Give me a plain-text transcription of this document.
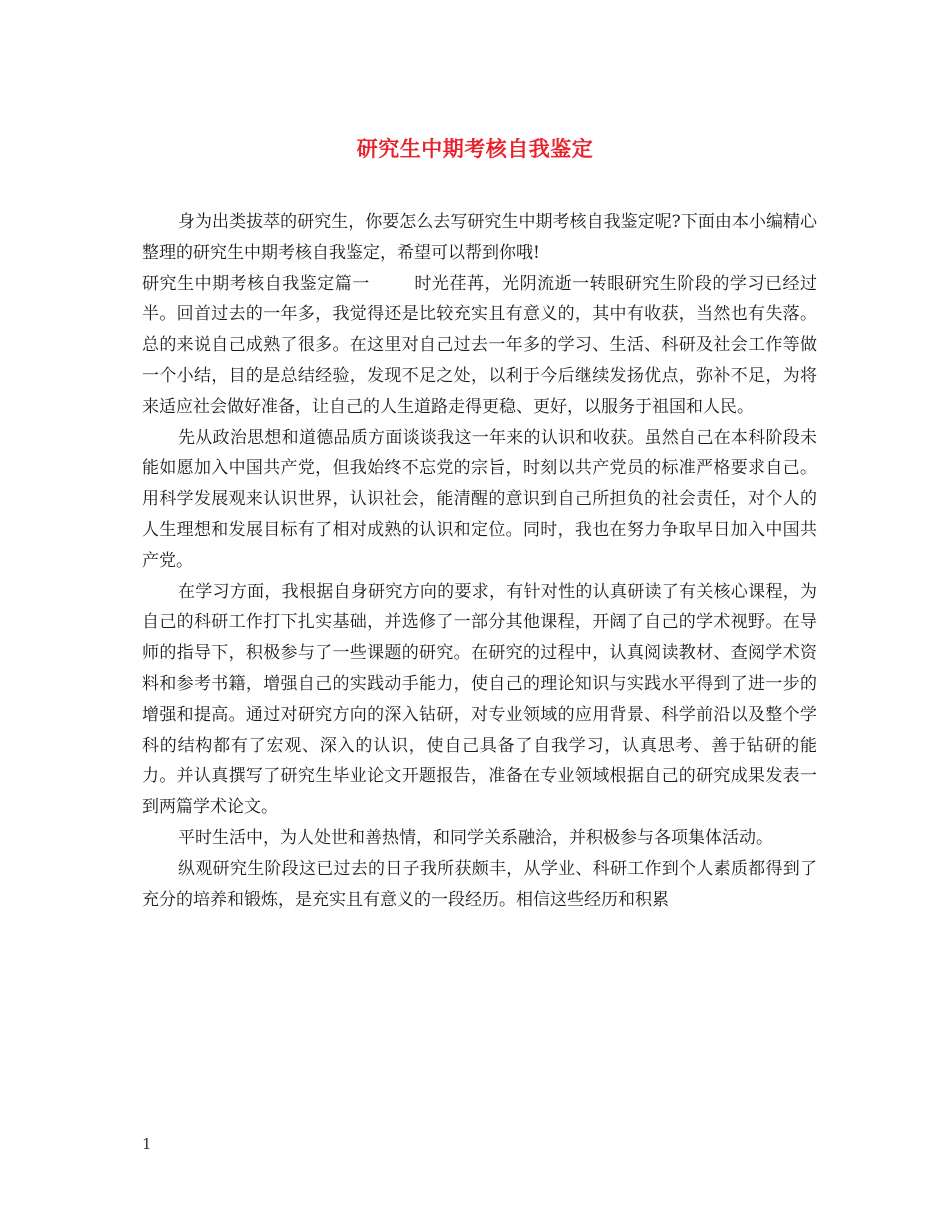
研究生中期考核自我鉴定

身为出类拔萃的研究生，你要怎么去写研究生中期考核自我鉴定呢?下面由本小编精心整理的研究生中期考核自我鉴定，希望可以帮到你哦!

研究生中期考核自我鉴定篇一	时光荏苒，光阴流逝一转眼研究生阶段的学习已经过半。回首过去的一年多，我觉得还是比较充实且有意义的，其中有收获，当然也有失落。总的来说自己成熟了很多。在这里对自己过去一年多的学习、生活、科研及社会工作等做一个小结，目的是总结经验，发现不足之处，以利于今后继续发扬优点，弥补不足，为将来适应社会做好准备，让自己的人生道路走得更稳、更好，以服务于祖国和人民。

先从政治思想和道德品质方面谈谈我这一年来的认识和收获。虽然自己在本科阶段未能如愿加入中国共产党，但我始终不忘党的宗旨，时刻以共产党员的标准严格要求自己。用科学发展观来认识世界，认识社会，能清醒的意识到自己所担负的社会责任，对个人的人生理想和发展目标有了相对成熟的认识和定位。同时，我也在努力争取早日加入中国共产党。

在学习方面，我根据自身研究方向的要求，有针对性的认真研读了有关核心课程，为自己的科研工作打下扎实基础，并选修了一部分其他课程，开阔了自己的学术视野。在导师的指导下，积极参与了一些课题的研究。在研究的过程中，认真阅读教材、查阅学术资料和参考书籍，增强自己的实践动手能力，使自己的理论知识与实践水平得到了进一步的增强和提高。通过对研究方向的深入钻研，对专业领域的应用背景、科学前沿以及整个学科的结构都有了宏观、深入的认识，使自己具备了自我学习，认真思考、善于钻研的能力。并认真撰写了研究生毕业论文开题报告，准备在专业领域根据自己的研究成果发表一到两篇学术论文。

平时生活中，为人处世和善热情，和同学关系融洽，并积极参与各项集体活动。

纵观研究生阶段这已过去的日子我所获颇丰，从学业、科研工作到个人素质都得到了充分的培养和锻炼，是充实且有意义的一段经历。相信这些经历和积累

1
